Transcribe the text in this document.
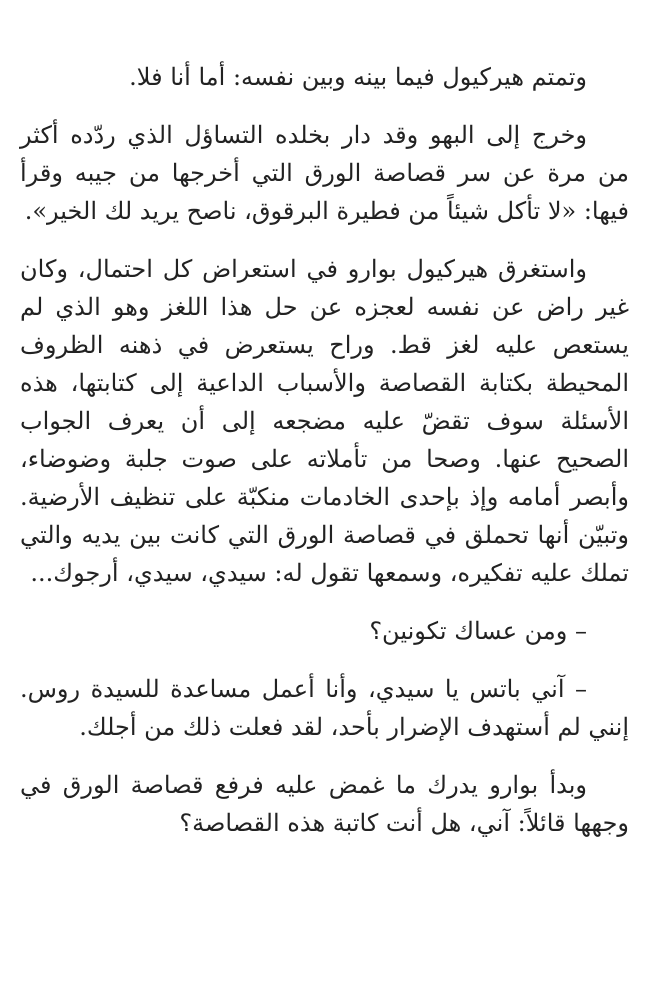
وتمتم هيركيول فيما بينه وبين نفسه: أما أنا فلا.

وخرج إلى البهو وقد دار بخلده التساؤل الذي ردّده أكثر من مرة عن سر قصاصة الورق التي أخرجها من جيبه وقرأ فيها: «لا تأكل شيئاً من فطيرة البرقوق، ناصح يريد لك الخير».

واستغرق هيركيول بوارو في استعراض كل احتمال، وكان غير راض عن نفسه لعجزه عن حل هذا اللغز وهو الذي لم يستعص عليه لغز قط. وراح يستعرض في ذهنه الظروف المحيطة بكتابة القصاصة والأسباب الداعية إلى كتابتها، هذه الأسئلة سوف تقضّ عليه مضجعه إلى أن يعرف الجواب الصحيح عنها. وصحا من تأملاته على صوت جلبة وضوضاء، وأبصر أمامه وإذ بإحدى الخادمات منكبّة على تنظيف الأرضية. وتبيّن أنها تحملق في قصاصة الورق التي كانت بين يديه والتي تملك عليه تفكيره، وسمعها تقول له: سيدي، سيدي، أرجوك...

– ومن عساك تكونين؟

– آني باتس يا سيدي، وأنا أعمل مساعدة للسيدة روس. إنني لم أستهدف الإضرار بأحد، لقد فعلت ذلك من أجلك.

وبدأ بوارو يدرك ما غمض عليه فرفع قصاصة الورق في وجهها قائلاً: آني، هل أنت كاتبة هذه القصاصة؟
